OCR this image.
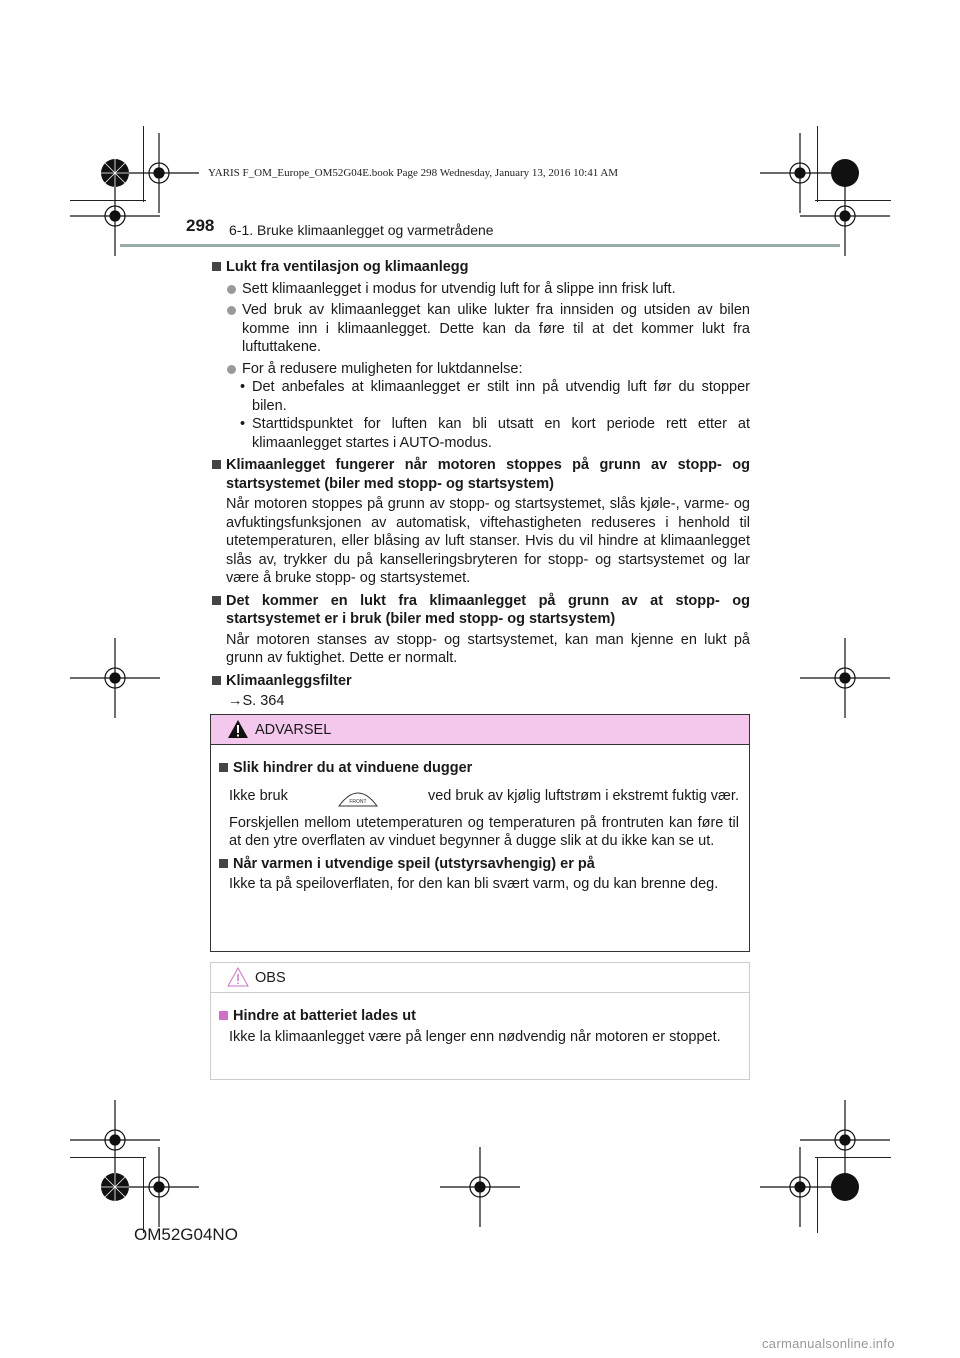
YARIS F_OM_Europe_OM52G04E.book Page 298 Wednesday, January 13, 2016 10:41 AM
298 6-1. Bruke klimaanlegget og varmetrådene
Lukt fra ventilasjon og klimaanlegg
Sett klimaanlegget i modus for utvendig luft for å slippe inn frisk luft.
Ved bruk av klimaanlegget kan ulike lukter fra innsiden og utsiden av bilen komme inn i klimaanlegget. Dette kan da føre til at det kommer lukt fra luftuttakene.
For å redusere muligheten for luktdannelse:
• Det anbefales at klimaanlegget er stilt inn på utvendig luft før du stopper bilen.
• Starttidspunktet for luften kan bli utsatt en kort periode rett etter at klimaanlegget startes i AUTO-modus.
Klimaanlegget fungerer når motoren stoppes på grunn av stopp- og startsystemet (biler med stopp- og startsystem)
Når motoren stoppes på grunn av stopp- og startsystemet, slås kjøle-, varme- og avfuktingsfunksjonen av automatisk, viftehastigheten reduseres i henhold til utetemperaturen, eller blåsing av luft stanser. Hvis du vil hindre at klimaanlegget slås av, trykker du på kanselleringsbryteren for stopp- og startsystemet og lar være å bruke stopp- og startsystemet.
Det kommer en lukt fra klimaanlegget på grunn av at stopp- og startsystemet er i bruk (biler med stopp- og startsystem)
Når motoren stanses av stopp- og startsystemet, kan man kjenne en lukt på grunn av fuktighet. Dette er normalt.
Klimaanleggsfilter
→S. 364
ADVARSEL
Slik hindrer du at vinduene dugger
Ikke bruk	FRONT	ved bruk av kjølig luftstrøm i ekstremt fuktig vær.
Forskjellen mellom utetemperaturen og temperaturen på frontruten kan føre til at den ytre overflaten av vinduet begynner å dugge slik at du ikke kan se ut.
Når varmen i utvendige speil (utstyrsavhengig) er på
Ikke ta på speiloverflaten, for den kan bli svært varm, og du kan brenne deg.
OBS
Hindre at batteriet lades ut
Ikke la klimaanlegget være på lenger enn nødvendig når motoren er stoppet.
OM52G04NO
carmanualsonline.info
